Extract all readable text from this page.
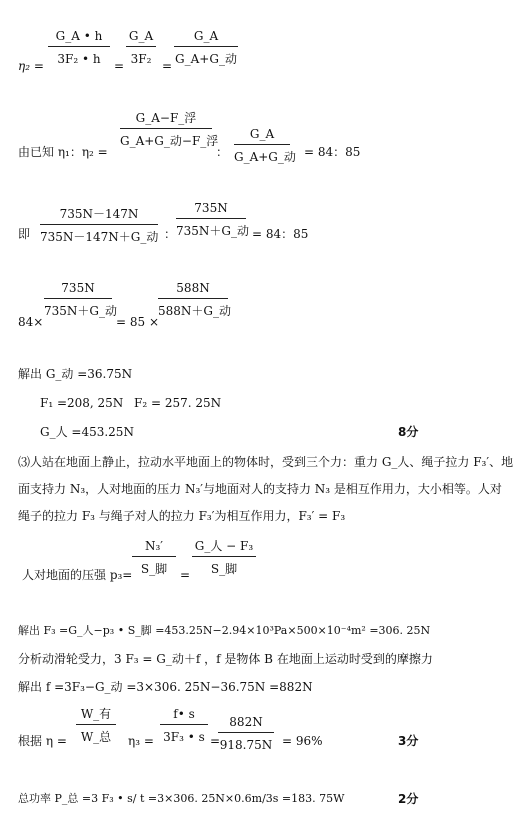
η₂ =
G_A • h
3F₂ • h	=
G_A
3F₂ =
G_A
G_A+G_动
由已知 η₁：η₂ =
G_A−F_浮
G_A+G_动−F_浮
：
G_A
G_A+G_动 = 84：85
即
735N－147N
735N－147N＋G_动 ：
735N
735N＋G_动 = 84：85
84×
735N
735N＋G_动
= 85 ×
588N
588N＋G_动
解出 G_动 =36.75N
F₁ =208, 25N F₂ = 257. 25N
G_人 =453.25N	8分
⑶人站在地面上静止，拉动水平地面上的物体时，受到三个力：重力 G_人、绳子拉力 F₃′、地
面支持力 N₃，人对地面的压力 N₃′与地面对人的支持力 N₃ 是相互作用力，大小相等。人对
绳子的拉力 F₃ 与绳子对人的拉力 F₃′为相互作用力，F₃′ = F₃
人对地面的压强 p₃=
N₃′
S_脚	=
G_人 − F₃
S_脚
解出 F₃ =G_人−p₃ • S_脚 =453.25N−2.94×10³Pa×500×10⁻⁴m² =306. 25N
分析动滑轮受力，3 F₃ = G_动＋f ，f 是物体 B 在地面上运动时受到的摩擦力
解出 f =3F₃−G_动 =3×306. 25N−36.75N =882N
根据 η =
W_有
W_总	η₃ =
f• s
3F₃ • s =
882N
918.75N = 96%	3分
总功率 P_总 =3 F₃ • s/ t =3×306. 25N×0.6m/3s =183. 75W	2分
